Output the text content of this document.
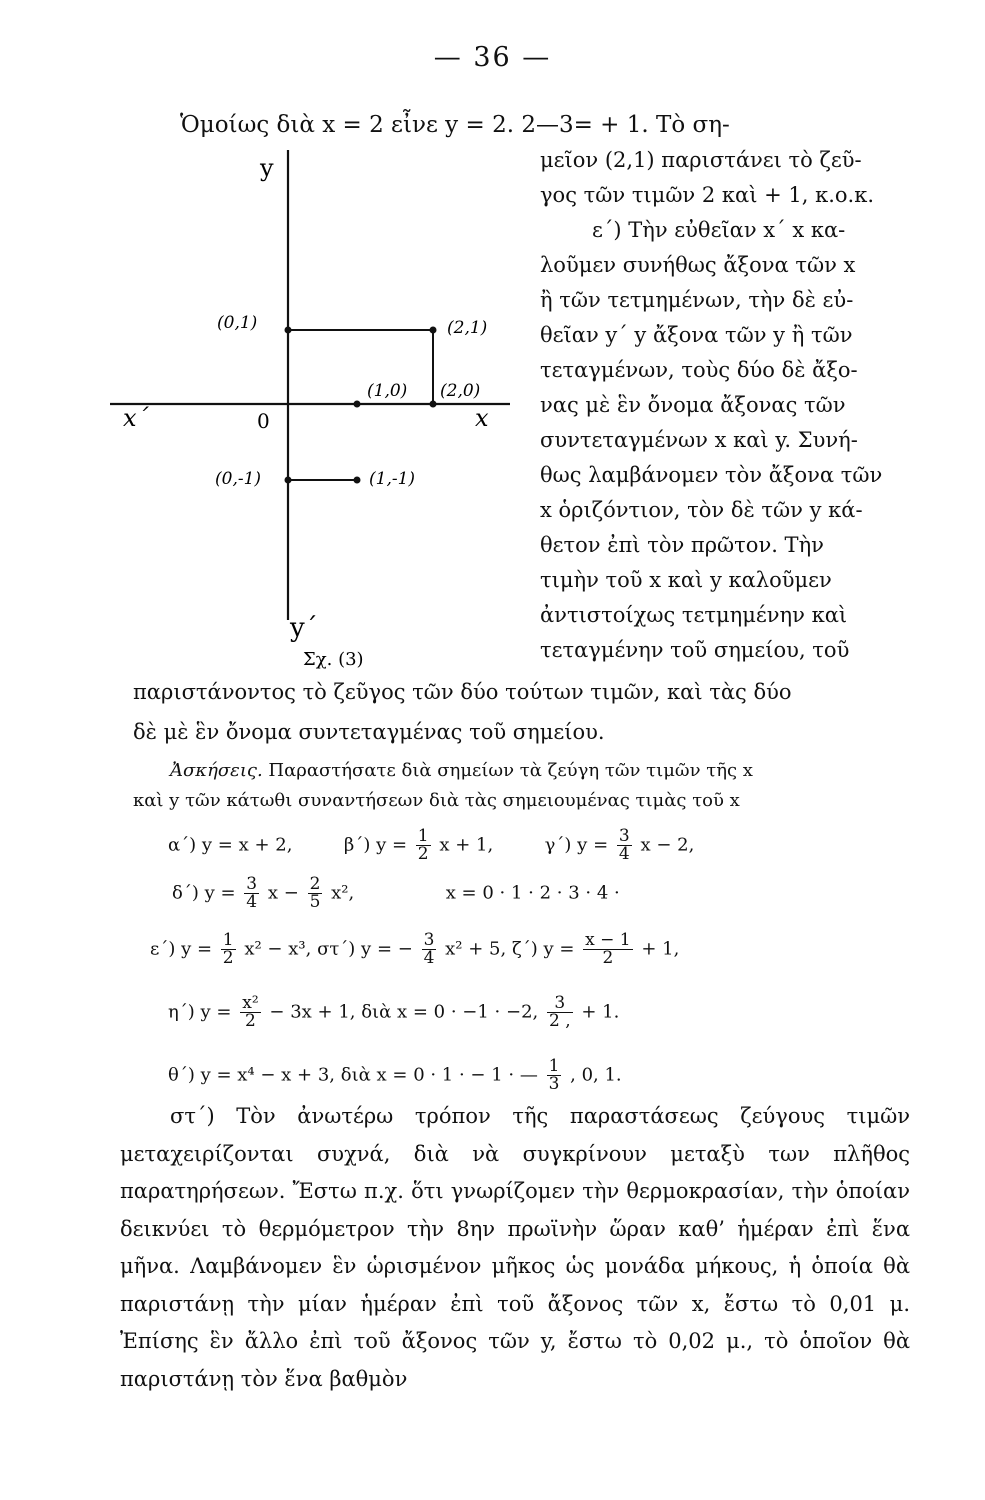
— 36 —
Ὁμοίως διὰ x = 2 εἶνε y = 2. 2—3= + 1. Τὸ ση-
y
y΄
x
x΄	0
(0,1)	(2,1)
(1,0) (2,0)
(0,-1)	(1,-1)
Σχ. (3)

μεῖον (2,1) παριστάνει τὸ ζεῦ-

γος τῶν τιμῶν 2 καὶ + 1, κ.ο.κ.

ε΄) Τὴν εὐθεῖαν x΄ x κα-

λοῦμεν συνήθως ἄξονα τῶν x

ἢ τῶν τετμημένων, τὴν δὲ εὐ-

θεῖαν y΄ y ἄξονα τῶν y ἢ τῶν

τεταγμένων, τοὺς δύο δὲ ἄξο-

νας μὲ ἓν ὄνομα ἄξονας τῶν

συντεταγμένων x καὶ y. Συνή-

θως λαμβάνομεν τὸν ἄξονα τῶν

x ὁριζόντιον, τὸν δὲ τῶν y κά-

θετον ἐπὶ τὸν πρῶτον. Τὴν

τιμὴν τοῦ x καὶ y καλοῦμεν

ἀντιστοίχως τετμημένην καὶ

τεταγμένην τοῦ σημείου, τοῦ

παριστάνοντος τὸ ζεῦγος τῶν δύο τούτων τιμῶν, καὶ τὰς δύο
δὲ μὲ ἓν ὄνομα συντεταγμένας τοῦ σημείου.
Ἀσκήσεις. Παραστήσατε διὰ σημείων τὰ ζεύγη τῶν τιμῶν τῆς x
καὶ y τῶν κάτωθι συναντήσεων διὰ τὰς σημειουμένας τιμὰς τοῦ x
α΄) y = x + 2,	β΄) $y = \frac{1}{2}$ x + 1,	γ΄) $y = \frac{3}{4}$ x − 2,
δ΄) $y = \frac{3}{4}$ $x - \frac{2}{5} x^2$,	x = 0 · 1 · 2 · 3 · 4 ·
ε΄) $y = \frac{1}{2} x^2 - x^3$, στ΄) y = − $\frac{3}{4} x^2 + 5$, ζ΄) $y = \frac{x - 1}{2} + 1$,
η΄) $y = \frac{\text{x²}}{2} - 3x + 1$, διὰ x = 0 · −1 · −2, $\frac{3}{2 ,} + 1$.
θ΄) y = x⁴ − x + 3, διὰ x = 0 · 1 · − 1 · — $\frac{1}{3}$ , 0, 1.

στ΄) Τὸν ἀνωτέρω τρόπον τῆς παραστάσεως ζεύγους τιμῶν μεταχειρίζονται συχνά, διὰ νὰ συγκρίνουν μεταξὺ των πλῆθος παρατηρήσεων. Ἔστω π.χ. ὅτι γνωρίζομεν τὴν θερμοκρασίαν, τὴν ὁποίαν δεικνύει τὸ θερμόμετρον τὴν 8ην πρωϊνὴν ὥραν καθ’ ἡμέραν ἐπὶ ἕνα μῆνα. Λαμβάνομεν ἓν ὡρισμένον μῆκος ὡς μονάδα μήκους, ἡ ὁποία θὰ παριστάνῃ τὴν μίαν ἡμέραν ἐπὶ τοῦ ἄξονος τῶν x, ἔστω τὸ 0,01 μ. Ἐπίσης ἓν ἄλλο ἐπὶ τοῦ ἄξονος τῶν y, ἔστω τὸ 0,02 μ., τὸ ὁποῖον θὰ παριστάνῃ τὸν ἕνα βαθμὸν
